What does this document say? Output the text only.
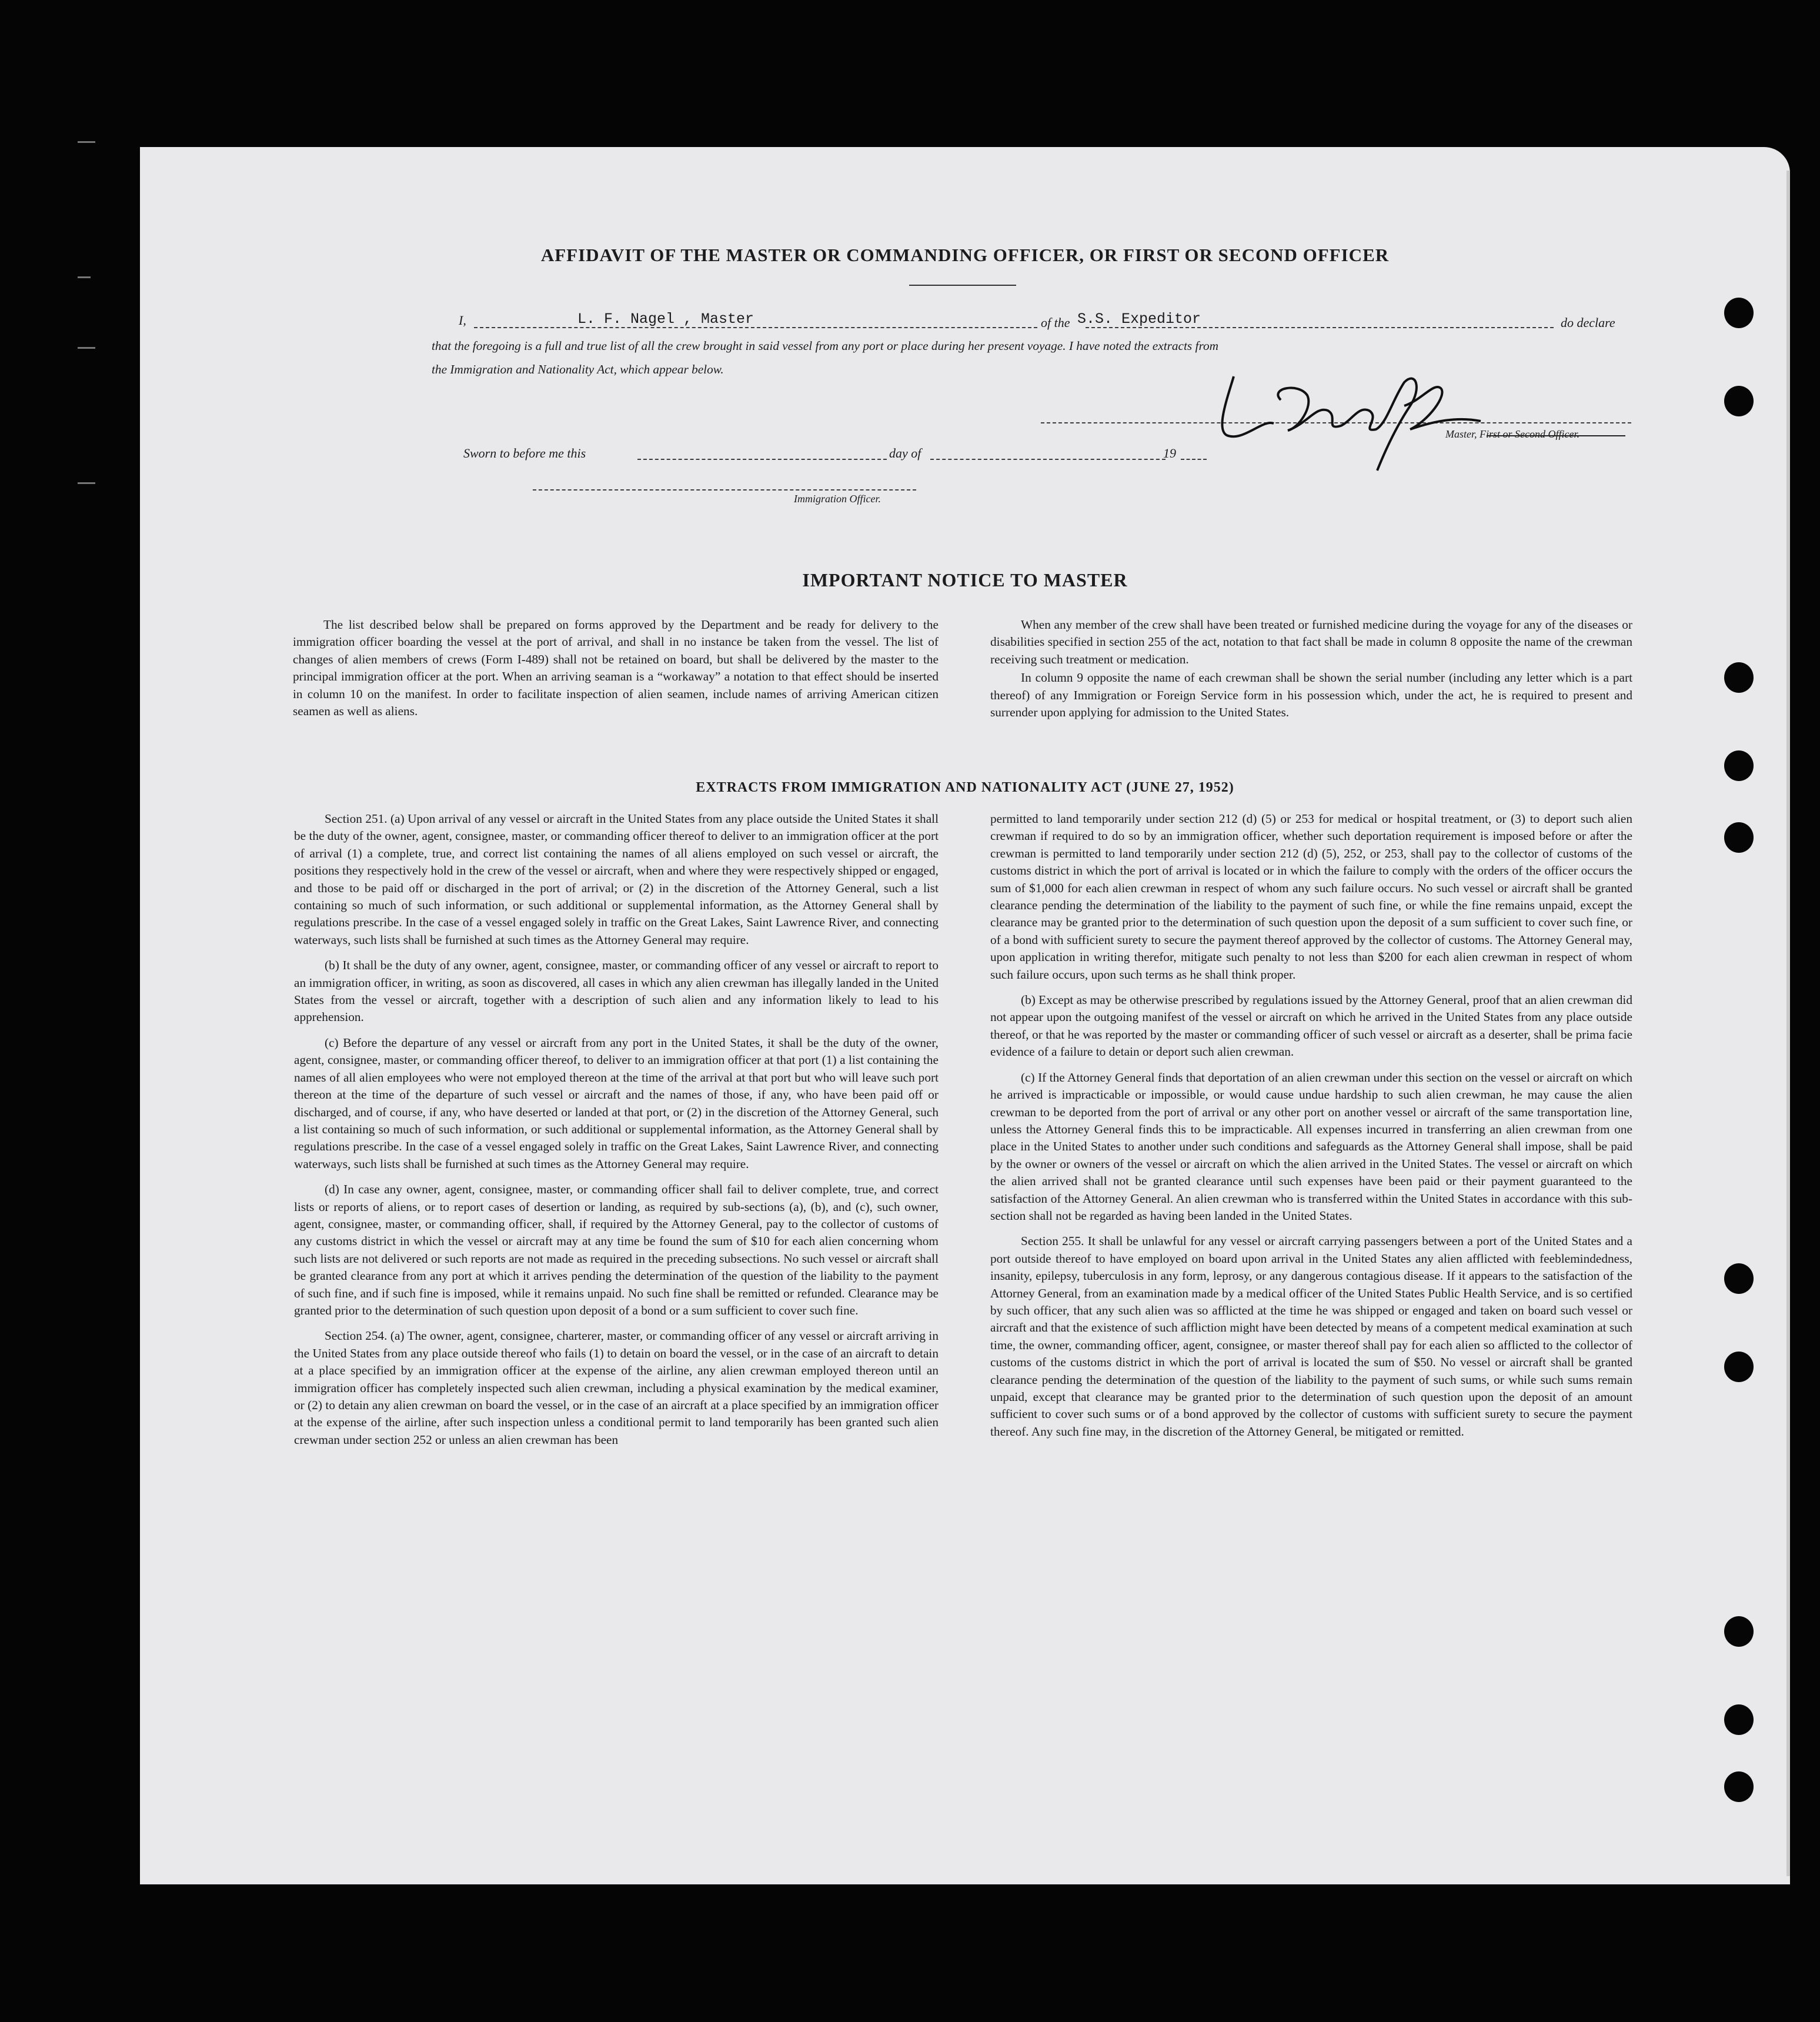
AFFIDAVIT OF THE MASTER OR COMMANDING OFFICER, OR FIRST OR SECOND OFFICER
I,	L. F. Nagel , Master	of the S.S. Expeditor	do declare
that the foregoing is a full and true list of all the crew brought in said vessel from any port or place during her present voyage. I have noted the extracts from
the Immigration and Nationality Act, which appear below.
Master, First or Second Officer.
Sworn to before me this	day of	19
Immigration Officer.
IMPORTANT NOTICE TO MASTER

The list described below shall be prepared on forms approved by the Department and be ready for delivery to the immigration officer boarding the vessel at the port of arrival, and shall in no instance be taken from the vessel. The list of changes of alien members of crews (Form I-489) shall not be retained on board, but shall be delivered by the master to the principal immigration officer at the port. When an arriving seaman is a “workaway” a notation to that effect should be inserted in column 10 on the manifest. In order to facilitate inspection of alien seamen, include names of arriving American citizen seamen as well as aliens.

When any member of the crew shall have been treated or furnished medicine during the voyage for any of the diseases or disabilities specified in section 255 of the act, notation to that fact shall be made in column 8 opposite the name of the crewman receiving such treatment or medication.

In column 9 opposite the name of each crewman shall be shown the serial number (including any letter which is a part thereof) of any Immigration or Foreign Service form in his possession which, under the act, he is required to present and surrender upon applying for admission to the United States.

EXTRACTS FROM IMMIGRATION AND NATIONALITY ACT (JUNE 27, 1952)

Section 251. (a) Upon arrival of any vessel or aircraft in the United States from any place outside the United States it shall be the duty of the owner, agent, consignee, master, or commanding officer thereof to deliver to an immigration officer at the port of arrival (1) a complete, true, and correct list containing the names of all aliens employed on such vessel or aircraft, the positions they respectively hold in the crew of the vessel or aircraft, when and where they were respectively shipped or engaged, and those to be paid off or discharged in the port of arrival; or (2) in the discretion of the Attorney General, such a list containing so much of such information, or such additional or supplemental information, as the Attorney General shall by regulations prescribe. In the case of a vessel engaged solely in traffic on the Great Lakes, Saint Lawrence River, and connecting waterways, such lists shall be furnished at such times as the Attorney General may require.

(b) It shall be the duty of any owner, agent, consignee, master, or commanding officer of any vessel or aircraft to report to an immigration officer, in writing, as soon as discovered, all cases in which any alien crewman has illegally landed in the United States from the vessel or aircraft, together with a description of such alien and any information likely to lead to his apprehension.

(c) Before the departure of any vessel or aircraft from any port in the United States, it shall be the duty of the owner, agent, consignee, master, or commanding officer thereof, to deliver to an immigration officer at that port (1) a list containing the names of all alien employees who were not employed thereon at the time of the arrival at that port but who will leave such port thereon at the time of the departure of such vessel or aircraft and the names of those, if any, who have been paid off or discharged, and of course, if any, who have deserted or landed at that port, or (2) in the discretion of the Attorney General, such a list containing so much of such information, or such additional or supplemental information, as the Attorney General shall by regulations prescribe. In the case of a vessel engaged solely in traffic on the Great Lakes, Saint Lawrence River, and connecting waterways, such lists shall be furnished at such times as the Attorney General may require.

(d) In case any owner, agent, consignee, master, or commanding officer shall fail to deliver complete, true, and correct lists or reports of aliens, or to report cases of desertion or landing, as required by sub-sections (a), (b), and (c), such owner, agent, consignee, master, or commanding officer, shall, if required by the Attorney General, pay to the collector of customs of any customs district in which the vessel or aircraft may at any time be found the sum of $10 for each alien concerning whom such lists are not delivered or such reports are not made as required in the preceding subsections. No such vessel or aircraft shall be granted clearance from any port at which it arrives pending the determination of the question of the liability to the payment of such fine, and if such fine is imposed, while it remains unpaid. No such fine shall be remitted or refunded. Clearance may be granted prior to the determination of such question upon deposit of a bond or a sum sufficient to cover such fine.

Section 254. (a) The owner, agent, consignee, charterer, master, or commanding officer of any vessel or aircraft arriving in the United States from any place outside thereof who fails (1) to detain on board the vessel, or in the case of an aircraft to detain at a place specified by an immigration officer at the expense of the airline, any alien crewman employed thereon until an immigration officer has completely inspected such alien crewman, including a physical examination by the medical examiner, or (2) to detain any alien crewman on board the vessel, or in the case of an aircraft at a place specified by an immigration officer at the expense of the airline, after such inspection unless a conditional permit to land temporarily has been granted such alien crewman under section 252 or unless an alien crewman has been

permitted to land temporarily under section 212 (d) (5) or 253 for medical or hospital treatment, or (3) to deport such alien crewman if required to do so by an immigration officer, whether such deportation requirement is imposed before or after the crewman is permitted to land temporarily under section 212 (d) (5), 252, or 253, shall pay to the collector of customs of the customs district in which the port of arrival is located or in which the failure to comply with the orders of the officer occurs the sum of $1,000 for each alien crewman in respect of whom any such failure occurs. No such vessel or aircraft shall be granted clearance pending the determination of the liability to the payment of such fine, or while the fine remains unpaid, except the clearance may be granted prior to the determination of such question upon the deposit of a sum sufficient to cover such fine, or of a bond with sufficient surety to secure the payment thereof approved by the collector of customs. The Attorney General may, upon application in writing therefor, mitigate such penalty to not less than $200 for each alien crewman in respect of whom such failure occurs, upon such terms as he shall think proper.

(b) Except as may be otherwise prescribed by regulations issued by the Attorney General, proof that an alien crewman did not appear upon the outgoing manifest of the vessel or aircraft on which he arrived in the United States from any place outside thereof, or that he was reported by the master or commanding officer of such vessel or aircraft as a deserter, shall be prima facie evidence of a failure to detain or deport such alien crewman.

(c) If the Attorney General finds that deportation of an alien crewman under this section on the vessel or aircraft on which he arrived is impracticable or impossible, or would cause undue hardship to such alien crewman, he may cause the alien crewman to be deported from the port of arrival or any other port on another vessel or aircraft of the same transportation line, unless the Attorney General finds this to be impracticable. All expenses incurred in transferring an alien crewman from one place in the United States to another under such conditions and safeguards as the Attorney General shall impose, shall be paid by the owner or owners of the vessel or aircraft on which the alien arrived in the United States. The vessel or aircraft on which the alien arrived shall not be granted clearance until such expenses have been paid or their payment guaranteed to the satisfaction of the Attorney General. An alien crewman who is transferred within the United States in accordance with this sub-section shall not be regarded as having been landed in the United States.

Section 255. It shall be unlawful for any vessel or aircraft carrying passengers between a port of the United States and a port outside thereof to have employed on board upon arrival in the United States any alien afflicted with feeblemindedness, insanity, epilepsy, tuberculosis in any form, leprosy, or any dangerous contagious disease. If it appears to the satisfaction of the Attorney General, from an examination made by a medical officer of the United States Public Health Service, and is so certified by such officer, that any such alien was so afflicted at the time he was shipped or engaged and taken on board such vessel or aircraft and that the existence of such affliction might have been detected by means of a competent medical examination at such time, the owner, commanding officer, agent, consignee, or master thereof shall pay for each alien so afflicted to the collector of customs of the customs district in which the port of arrival is located the sum of $50. No vessel or aircraft shall be granted clearance pending the determination of the question of the liability to the payment of such sums, or while such sums remain unpaid, except that clearance may be granted prior to the determination of such question upon the deposit of an amount sufficient to cover such sums or of a bond approved by the collector of customs with sufficient surety to secure the payment thereof. Any such fine may, in the discretion of the Attorney General, be mitigated or remitted.
